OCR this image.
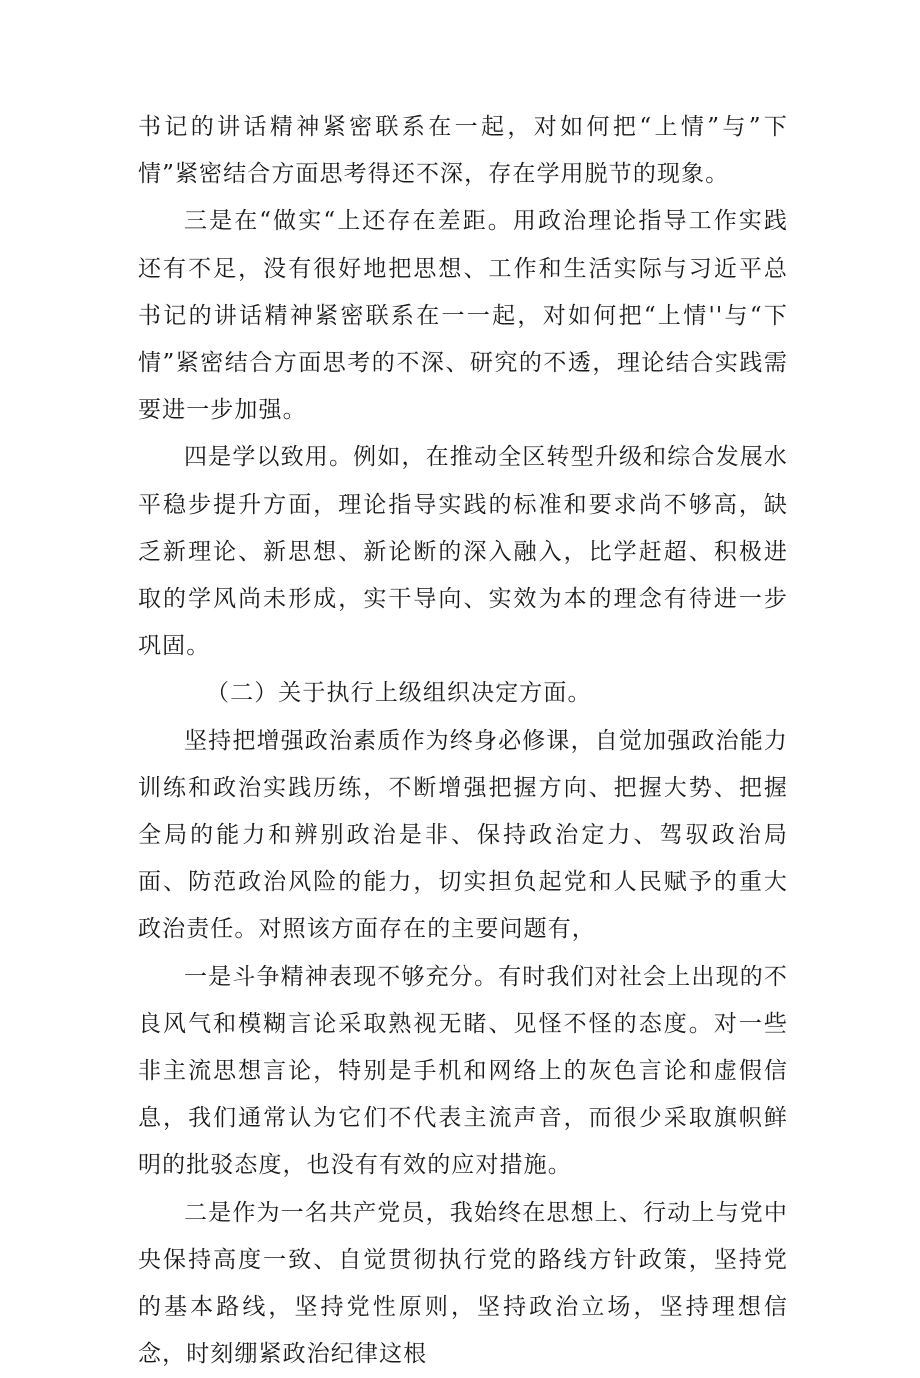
书记的讲话精神紧密联系在一起，对如何把“上情”与”下情”紧密结合方面思考得还不深，存在学用脱节的现象。

三是在“做实“上还存在差距。用政治理论指导工作实践还有不足，没有很好地把思想、工作和生活实际与习近平总书记的讲话精神紧密联系在一一起，对如何把“上情''与“下情”紧密结合方面思考的不深、研究的不透，理论结合实践需要进一步加强。

四是学以致用。例如，在推动全区转型升级和综合发展水平稳步提升方面，理论指导实践的标准和要求尚不够高，缺乏新理论、新思想、新论断的深入融入，比学赶超、积极进取的学风尚未形成，实干导向、实效为本的理念有待进一步巩固。

（二）关于执行上级组织决定方面。

坚持把增强政治素质作为终身必修课，自觉加强政治能力训练和政治实践历练，不断增强把握方向、把握大势、把握全局的能力和辨别政治是非、保持政治定力、驾驭政治局面、防范政治风险的能力，切实担负起党和人民赋予的重大政治责任。对照该方面存在的主要问题有，

一是斗争精神表现不够充分。有时我们对社会上出现的不良风气和模糊言论采取熟视无睹、见怪不怪的态度。对一些非主流思想言论，特别是手机和网络上的灰色言论和虚假信息，我们通常认为它们不代表主流声音，而很少采取旗帜鲜明的批驳态度，也没有有效的应对措施。

二是作为一名共产党员，我始终在思想上、行动上与党中央保持高度一致、自觉贯彻执行党的路线方针政策，坚持党的基本路线，坚持党性原则，坚持政治立场，坚持理想信念，时刻绷紧政治纪律这根
